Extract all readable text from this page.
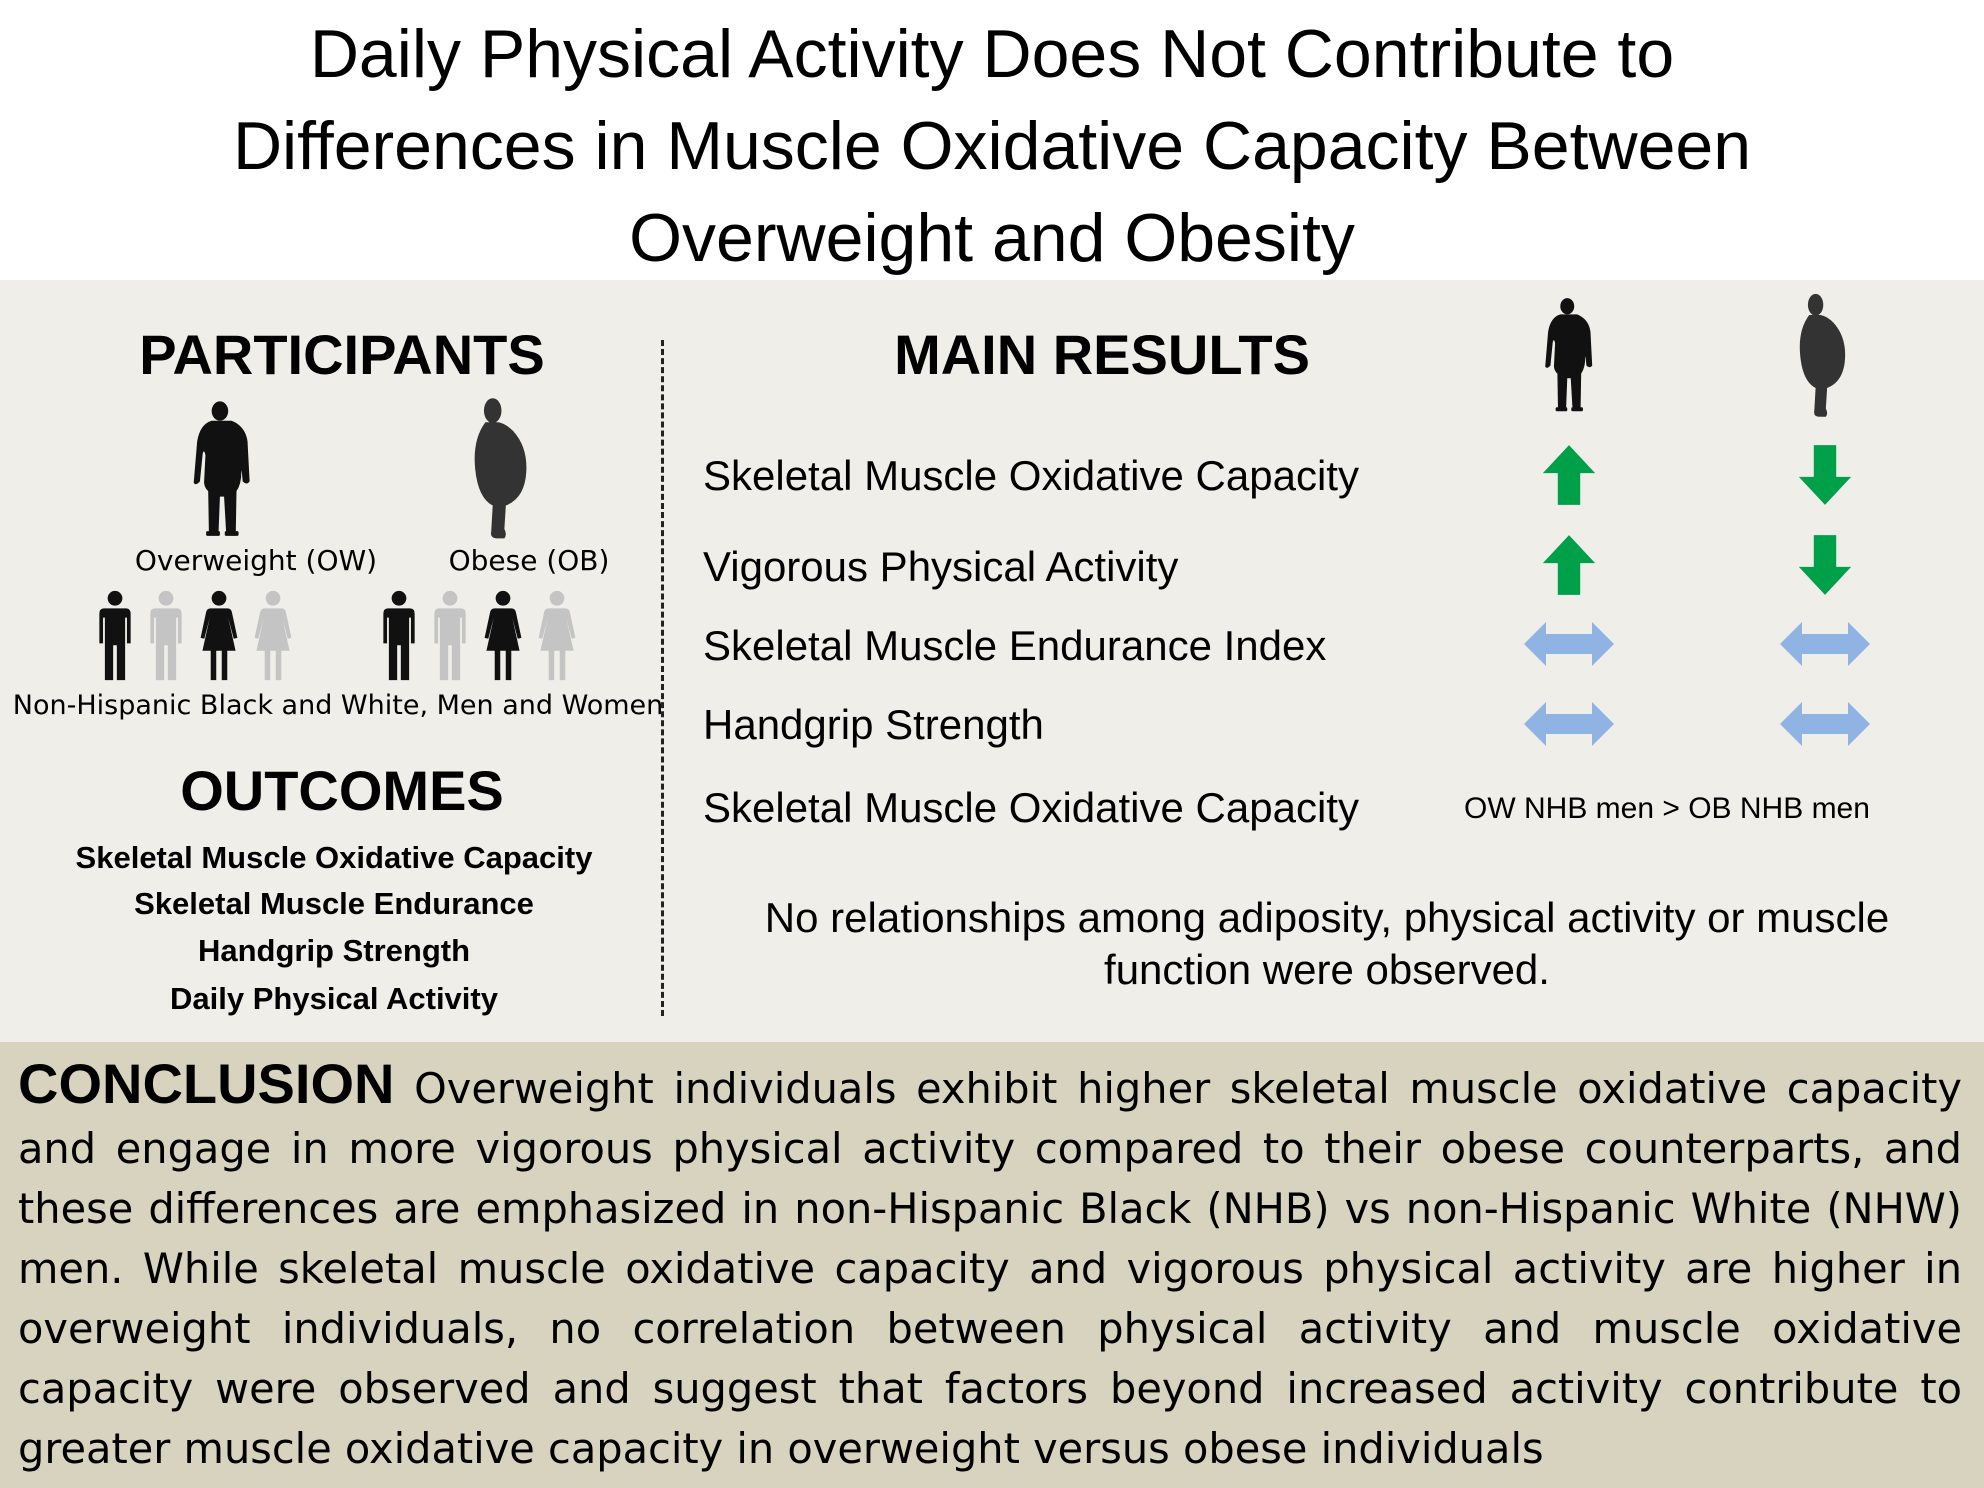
Daily Physical Activity Does Not Contribute to
Differences in Muscle Oxidative Capacity Between
Overweight and Obesity
PARTICIPANTS
Overweight (OW)	Obese (OB)
Non-Hispanic Black and White, Men and Women
OUTCOMES
Skeletal Muscle Oxidative Capacity
Skeletal Muscle Endurance
Handgrip Strength
Daily Physical Activity
MAIN RESULTS
Skeletal Muscle Oxidative Capacity
Vigorous Physical Activity
Skeletal Muscle Endurance Index
Handgrip Strength
Skeletal Muscle Oxidative Capacity	OW NHB men > OB NHB men
No relationships among adiposity, physical activity or muscle
function were observed.
CONCLUSION Overweight individuals exhibit higher skeletal muscle oxidative capacity and engage in more vigorous physical activity compared to their obese counterparts, and these differences are emphasized in non-Hispanic Black (NHB) vs non-Hispanic White (NHW) men. While skeletal muscle oxidative capacity and vigorous physical activity are higher in overweight individuals, no correlation between physical activity and muscle oxidative capacity were observed and suggest that factors beyond increased activity contribute to greater muscle oxidative capacity in overweight versus obese individuals
